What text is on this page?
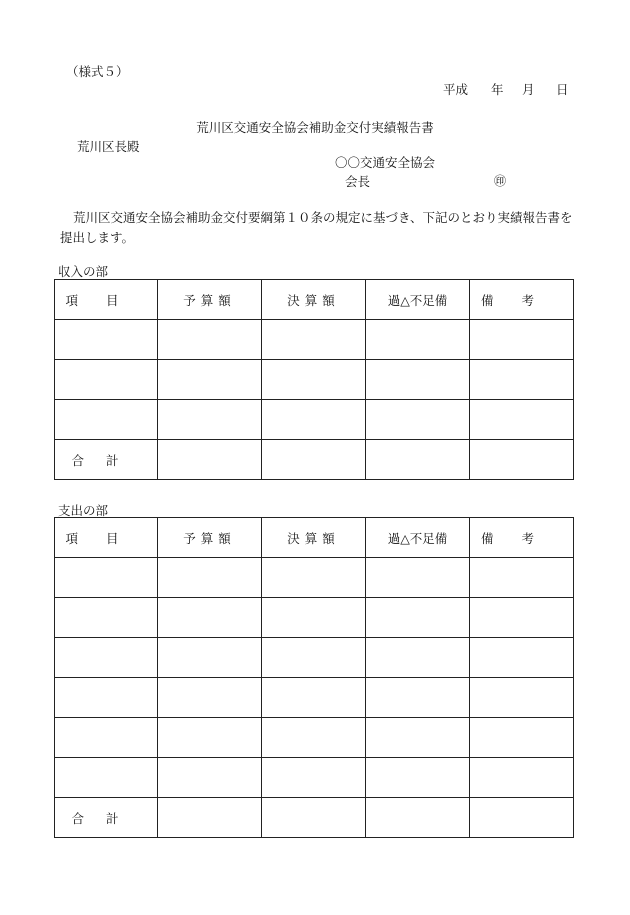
（様式５）
平成 年 月 日
荒川区交通安全協会補助金交付実績報告書
荒川区長殿
〇〇交通安全協会
会長	㊞
荒川区交通安全協会補助金交付要綱第１０条の規定に基づき、下記のとおり実績報告書を提出します。
収入の部
項目	予算額	決算額	過△不足備	備考

合計				
支出の部
項目	予算額	決算額	過△不足備	備考

合計				
